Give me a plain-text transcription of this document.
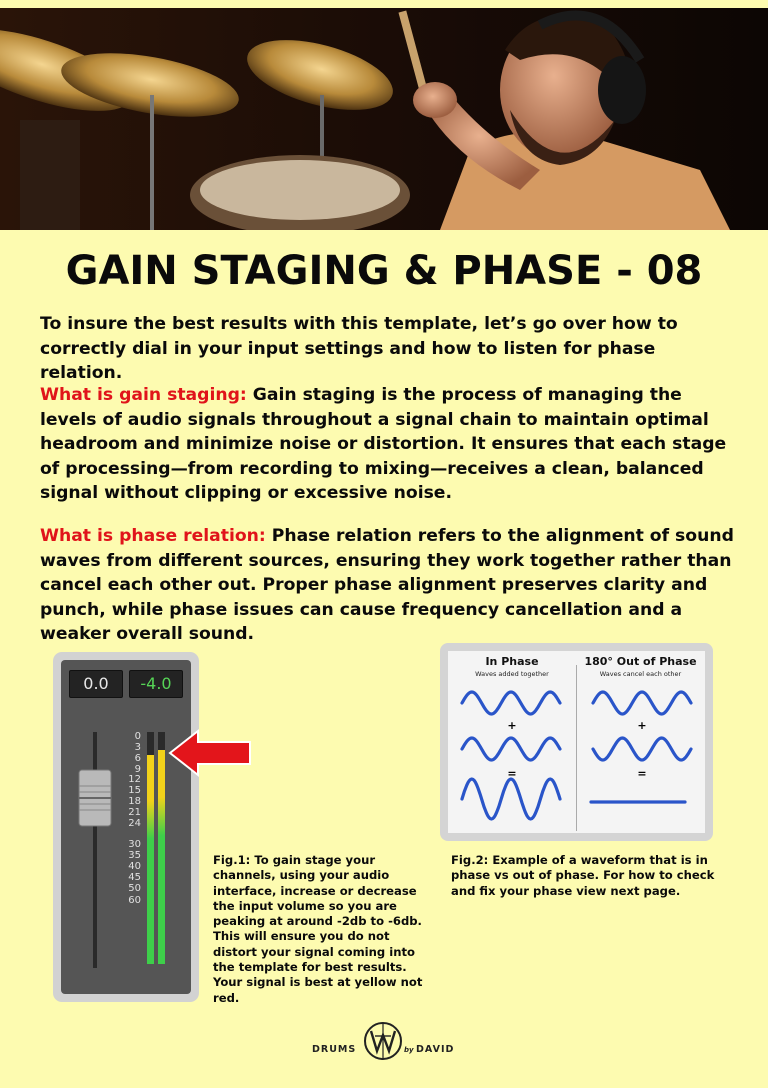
GAIN STAGING & PHASE - 08

To insure the best results with this template, let’s go over how to correctly dial in your input settings and how to listen for phase relation.

What is gain staging: Gain staging is the process of managing the levels of audio signals throughout a signal chain to maintain optimal headroom and minimize noise or distortion. It ensures that each stage of processing—from recording to mixing—receives a clean, balanced signal without clipping or excessive noise.

What is phase relation: Phase relation refers to the alignment of sound waves from different sources, ensuring they work together rather than cancel each other out. Proper phase alignment preserves clarity and punch, while phase issues can cause frequency cancellation and a weaker overall sound.

0.0	-4.0
0
3
6
9
12
15
18
21
24
30
35
40
45
50
60
In Phase
Waves added together
180° Out of Phase
Waves cancel each other
+
=
+
=

Fig.1: To gain stage your channels, using your audio interface, increase or decrease the input volume so you are peaking at around -2db to -6db. This will ensure you do not distort your signal coming into the template for best results. Your signal is best at yellow not red.

Fig.2: Example of a waveform that is in phase vs out of phase. For how to check and fix your phase view next page.

DRUMS	by DAVID
